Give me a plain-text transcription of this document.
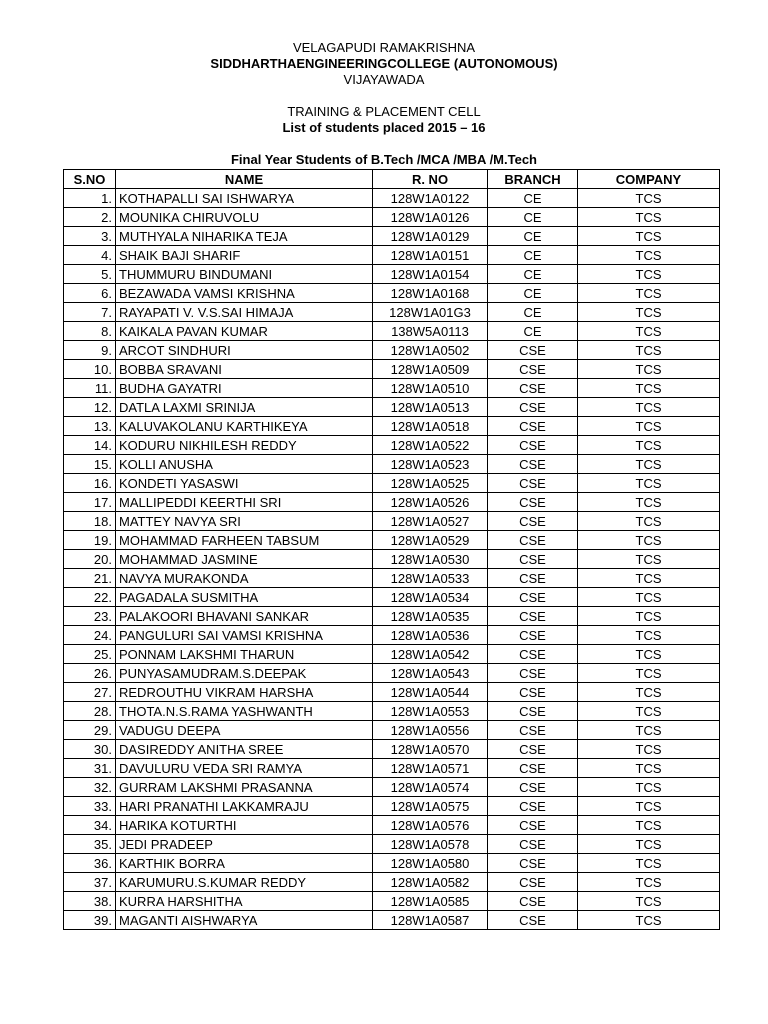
VELAGAPUDI RAMAKRISHNA
SIDDHARTHAENGINEERINGCOLLEGE (AUTONOMOUS)
VIJAYAWADA
TRAINING & PLACEMENT CELL
List of students placed 2015 – 16
Final Year Students of B.Tech /MCA /MBA /M.Tech
S.NO	NAME	R. NO	BRANCH	COMPANY
1.	KOTHAPALLI SAI ISHWARYA	128W1A0122	CE	TCS
2.	MOUNIKA CHIRUVOLU	128W1A0126	CE	TCS
3.	MUTHYALA NIHARIKA TEJA	128W1A0129	CE	TCS
4.	SHAIK BAJI SHARIF	128W1A0151	CE	TCS
5.	THUMMURU BINDUMANI	128W1A0154	CE	TCS
6.	BEZAWADA VAMSI KRISHNA	128W1A0168	CE	TCS
7.	RAYAPATI V. V.S.SAI HIMAJA	128W1A01G3	CE	TCS
8.	KAIKALA PAVAN KUMAR	138W5A0113	CE	TCS
9.	ARCOT SINDHURI	128W1A0502	CSE	TCS
10.	BOBBA SRAVANI	128W1A0509	CSE	TCS
11.	BUDHA GAYATRI	128W1A0510	CSE	TCS
12.	DATLA LAXMI SRINIJA	128W1A0513	CSE	TCS
13.	KALUVAKOLANU KARTHIKEYA	128W1A0518	CSE	TCS
14.	KODURU NIKHILESH REDDY	128W1A0522	CSE	TCS
15.	KOLLI ANUSHA	128W1A0523	CSE	TCS
16.	KONDETI YASASWI	128W1A0525	CSE	TCS
17.	MALLIPEDDI KEERTHI SRI	128W1A0526	CSE	TCS
18.	MATTEY NAVYA SRI	128W1A0527	CSE	TCS
19.	MOHAMMAD FARHEEN TABSUM	128W1A0529	CSE	TCS
20.	MOHAMMAD JASMINE	128W1A0530	CSE	TCS
21.	NAVYA MURAKONDA	128W1A0533	CSE	TCS
22.	PAGADALA SUSMITHA	128W1A0534	CSE	TCS
23.	PALAKOORI BHAVANI SANKAR	128W1A0535	CSE	TCS
24.	PANGULURI SAI VAMSI KRISHNA	128W1A0536	CSE	TCS
25.	PONNAM LAKSHMI THARUN	128W1A0542	CSE	TCS
26.	PUNYASAMUDRAM.S.DEEPAK	128W1A0543	CSE	TCS
27.	REDROUTHU VIKRAM HARSHA	128W1A0544	CSE	TCS
28.	THOTA.N.S.RAMA YASHWANTH	128W1A0553	CSE	TCS
29.	VADUGU DEEPA	128W1A0556	CSE	TCS
30.	DASIREDDY ANITHA SREE	128W1A0570	CSE	TCS
31.	DAVULURU VEDA SRI RAMYA	128W1A0571	CSE	TCS
32.	GURRAM LAKSHMI PRASANNA	128W1A0574	CSE	TCS
33.	HARI PRANATHI LAKKAMRAJU	128W1A0575	CSE	TCS
34.	HARIKA KOTURTHI	128W1A0576	CSE	TCS
35.	JEDI PRADEEP	128W1A0578	CSE	TCS
36.	KARTHIK BORRA	128W1A0580	CSE	TCS
37.	KARUMURU.S.KUMAR REDDY	128W1A0582	CSE	TCS
38.	KURRA HARSHITHA	128W1A0585	CSE	TCS
39.	MAGANTI AISHWARYA	128W1A0587	CSE	TCS
